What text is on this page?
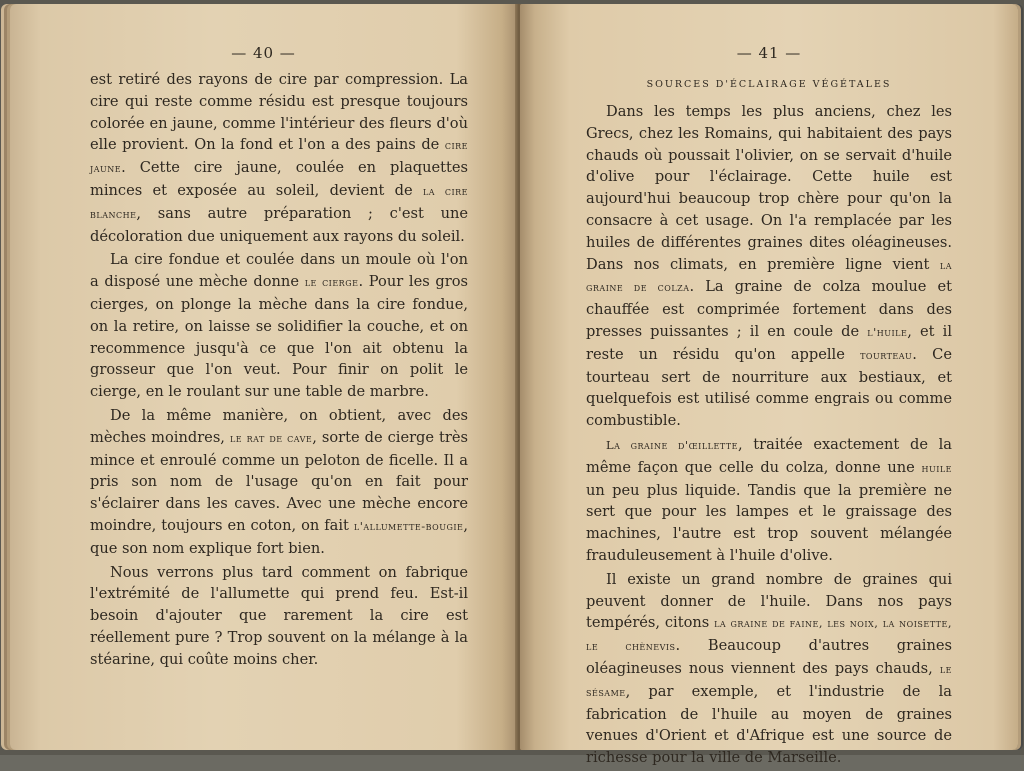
— 40 —

est retiré des rayons de cire par compression. La cire qui reste comme résidu est presque toujours colorée en jaune, comme l'intérieur des fleurs d'où elle provient. On la fond et l'on a des pains de cire jaune. Cette cire jaune, coulée en plaquettes minces et exposée au soleil, devient de la cire blanche, sans autre préparation ; c'est une décoloration due uniquement aux rayons du soleil.

La cire fondue et coulée dans un moule où l'on a disposé une mèche donne le cierge. Pour les gros cierges, on plonge la mèche dans la cire fondue, on la retire, on laisse se solidifier la couche, et on recommence jusqu'à ce que l'on ait obtenu la grosseur que l'on veut. Pour finir on polit le cierge, en le roulant sur une table de marbre.

De la même manière, on obtient, avec des mèches moindres, le rat de cave, sorte de cierge très mince et enroulé comme un peloton de ficelle. Il a pris son nom de l'usage qu'on en fait pour s'éclairer dans les caves. Avec une mèche encore moindre, toujours en coton, on fait l'allumette-bougie, que son nom explique fort bien.

Nous verrons plus tard comment on fabrique l'extrémité de l'allumette qui prend feu. Est-il besoin d'ajouter que rarement la cire est réellement pure ? Trop souvent on la mélange à la stéarine, qui coûte moins cher.

— 41 —
SOURCES D'ÉCLAIRAGE VÉGÉTALES

Dans les temps les plus anciens, chez les Grecs, chez les Romains, qui habitaient des pays chauds où poussait l'olivier, on se servait d'huile d'olive pour l'éclairage. Cette huile est aujourd'hui beaucoup trop chère pour qu'on la consacre à cet usage. On l'a remplacée par les huiles de différentes graines dites oléagineuses. Dans nos climats, en première ligne vient la graine de colza. La graine de colza moulue et chauffée est comprimée fortement dans des presses puissantes ; il en coule de l'huile, et il reste un résidu qu'on appelle tourteau. Ce tourteau sert de nourriture aux bestiaux, et quelquefois est utilisé comme engrais ou comme combustible.

La graine d'œillette, traitée exactement de la même façon que celle du colza, donne une huile un peu plus liquide. Tandis que la première ne sert que pour les lampes et le graissage des machines, l'autre est trop souvent mélangée frauduleusement à l'huile d'olive.

Il existe un grand nombre de graines qui peuvent donner de l'huile. Dans nos pays tempérés, citons la graine de faine, les noix, la noisette, le chènevis. Beaucoup d'autres graines oléagineuses nous viennent des pays chauds, le sésame, par exemple, et l'industrie de la fabrication de l'huile au moyen de graines venues d'Orient et d'Afrique est une source de richesse pour la ville de Marseille.
